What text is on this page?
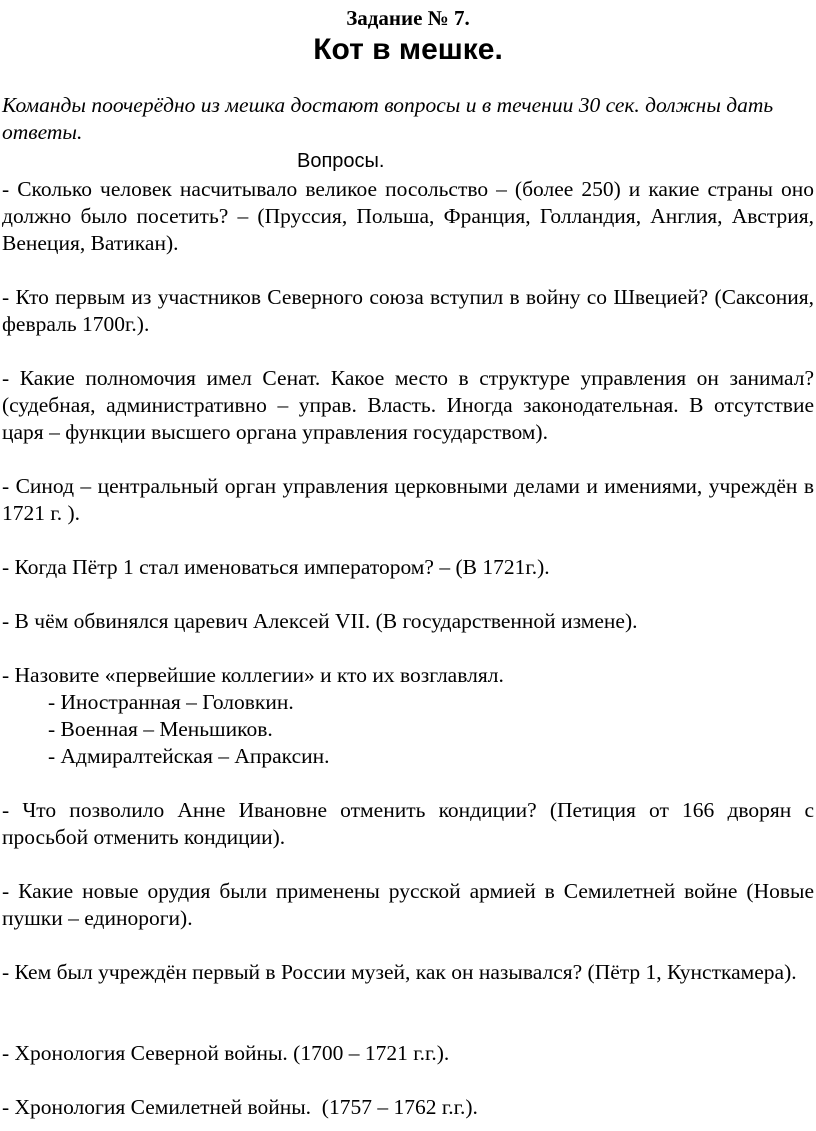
Задание № 7.
Кот в мешке.
Команды поочерёдно из мешка достают вопросы и в течении 30 сек. должны дать ответы.
Вопросы.
- Сколько человек насчитывало великое посольство – (более 250) и какие страны оно должно было посетить? – (Пруссия, Польша, Франция, Голландия, Англия, Австрия, Венеция, Ватикан).
- Кто первым из участников Северного союза вступил в войну со Швецией? (Саксония, февраль 1700г.).
- Какие полномочия имел Сенат. Какое место в структуре управления он занимал? (судебная, административно – управ. Власть. Иногда законодательная. В отсутствие царя – функции высшего органа управления государством).
- Синод – центральный орган управления церковными делами и имениями, учреждён в 1721 г. ).
- Когда Пётр 1 стал именоваться императором? – (В 1721г.).
- В чём обвинялся царевич Алексей VII. (В государственной измене).
- Назовите «первейшие коллегии» и кто их возглавлял.
- Иностранная – Головкин.
- Военная – Меньшиков.
- Адмиралтейская – Апраксин.
- Что позволило Анне Ивановне отменить кондиции? (Петиция от 166 дворян с просьбой отменить кондиции).
- Какие новые орудия были применены русской армией в Семилетней войне (Новые пушки – единороги).
- Кем был учреждён первый в России музей, как он назывался? (Пётр 1, Кунсткамера).
- Хронология Северной войны. (1700 – 1721 г.г.).
- Хронология Семилетней войны.  (1757 – 1762 г.г.).
